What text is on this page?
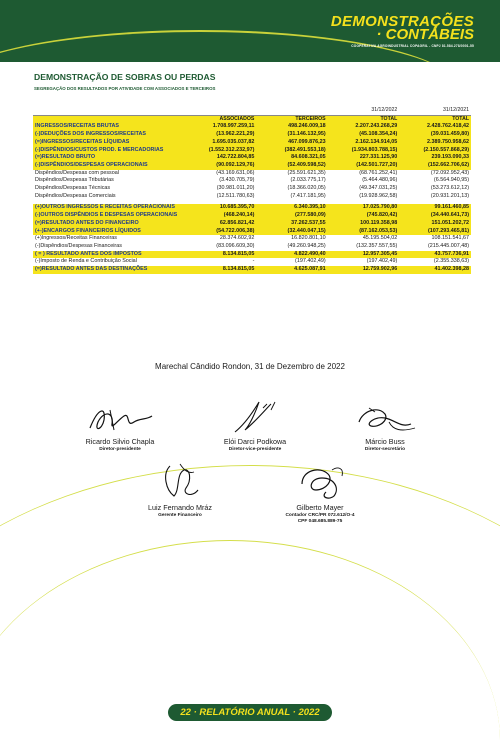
DEMONSTRAÇÕES
· CONTÁBEIS
COOPERATIVA AGROINDUSTRIAL COPAGRIL - CNPJ 81.584.278/0001-55
DEMONSTRAÇÃO DE SOBRAS OU PERDAS
SEGREGAÇÃO DOS RESULTADOS POR ATIVIDADE COM ASSOCIADOS E TERCEIROS
			31/12/2022	31/12/2021
	ASSOCIADOS	TERCEIROS	TOTAL	TOTAL
INGRESSOS/RECEITAS BRUTAS	1.708.997.259,11	498.246.009,18	2.207.243.268,29	2.428.762.418,42
(-)DEDUÇÕES DOS INGRESSOS/RECEITAS	(13.962.221,29)	(31.146.132,95)	(45.108.354,24)	(39.031.459,80)
(=)INGRESSOS/RECEITAS LÍQUIDAS	1.695.035.037,82	467.099.876,23	2.162.134.914,05	2.389.750.958,62
(-)DISPÊNDIOS/CUSTOS PROD. E MERCADORIAS	(1.552.312.232,97)	(382.491.553,18)	(1.934.803.788,15)	(2.150.557.868,29)
(=)RESULTADO BRUTO	142.722.804,85	84.608.321,05	227.331.125,90	239.193.090,33
(-)DISPÊNDIOS/DESPESAS OPERACIONAIS	(90.092.129,76)	(52.409.598,52)	(142.501.727,20)	(152.662.706,62)
Dispêndios/Despesas com pessoal	(43.169.631,06)	(25.591.621,35)	(68.761.252,41)	(72.092.952,43)
Dispêndios/Despesas Tributárias	(3.430.705,79)	(2.033.775,17)	(5.464.480,96)	(6.564.940,95)
Dispêndios/Despesas Técnicas	(30.981.011,20)	(18.366.020,05)	(49.347.031,25)	(53.273.612,12)
Dispêndios/Despesas Comerciais	(12.511.780,63)	(7.417.181,95)	(19.928.962,58)	(20.931.201,13)

(+)OUTROS INGRESSOS E RECEITAS OPERACIONAIS	10.685.395,70	6.340.395,10	17.025.790,80	99.161.460,85
(-)OUTROS DISPÊNDIOS E DESPESAS OPERACIONAIS	(468.240,14)	(277.580,09)	(745.820,42)	(34.440.641,73)
(=)RESULTADO ANTES DO FINANCEIRO	62.856.821,42	37.262.537,55	100.119.358,98	151.051.202,72
(+-)ENCARGOS FINANCEIROS LÍQUIDOS	(54.722.006,38)	(32.440.047,15)	(87.162.053,53)	(107.293.465,81)
(+)Ingressos/Receitas Financeiras	28.374.602,92	16.820.801,10	45.195.504,02	108.151.541,67
(-)Dispêndios/Despesas Financeiras	(83.096.609,30)	(49.260.948,25)	(132.357.557,55)	(215.445.007,48)
( = ) RESULTADO ANTES DOS IMPOSTOS	8.134.815,05	4.822.490,40	12.957.305,45	43.757.736,91
(-)Imposto de Renda e Contribuição Social	-	(197.402,49)	(197.402,49)	(2.355.338,63)
(=)RESULTADO ANTES DAS DESTINAÇÕES	8.134.815,05	4.625.087,91	12.759.902,96	41.402.398,28
Marechal Cândido Rondon, 31 de Dezembro de 2022
Ricardo Silvio Chapla
Diretor-presidente
Elói Darci Podkowa
Diretor-vice-presidente
Márcio Buss
Diretor-secretário
Luiz Fernando Mráz
Gerente Financeiro
Gilberto Mayer
Contador CRC/PR 072.612/O-4
CPF 048.685.889-75
22 · RELATÓRIO ANUAL · 2022
